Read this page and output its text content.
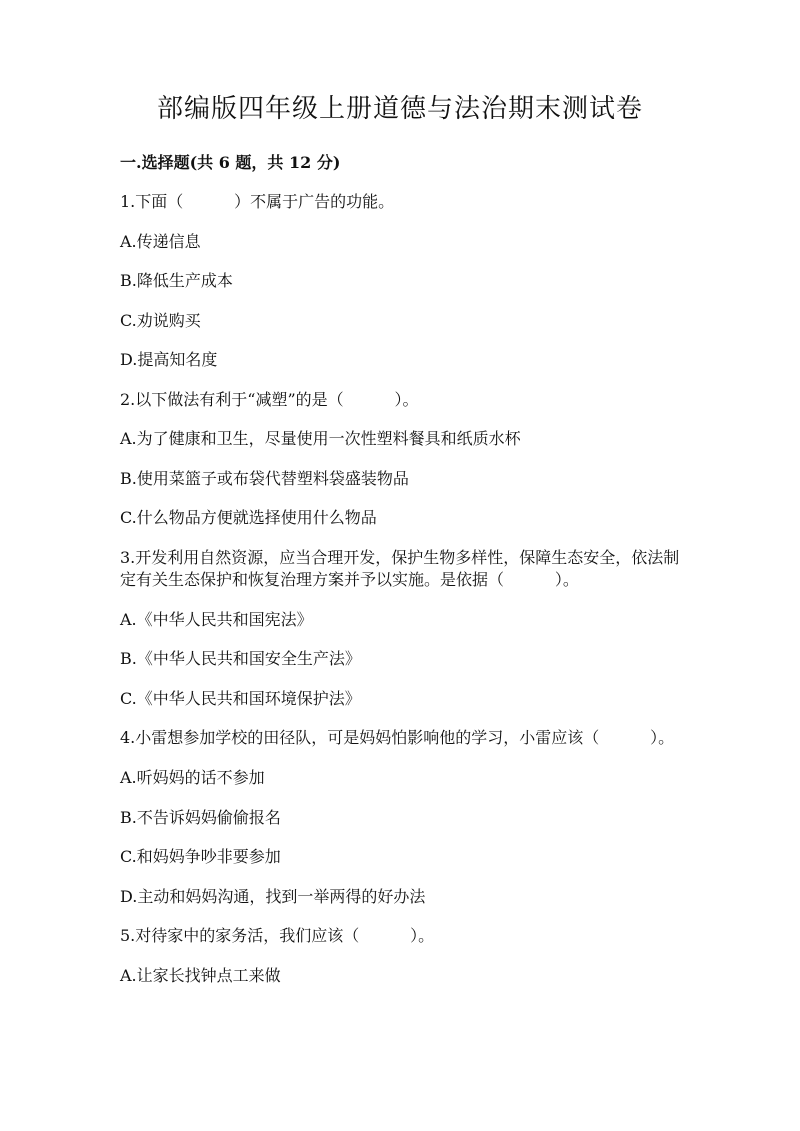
部编版四年级上册道德与法治期末测试卷
一.选择题(共 6 题，共 12 分)
1.下面（          ）不属于广告的功能。
A.传递信息
B.降低生产成本
C.劝说购买
D.提高知名度
2.以下做法有利于“减塑”的是（          ）。
A.为了健康和卫生，尽量使用一次性塑料餐具和纸质水杯
B.使用菜篮子或布袋代替塑料袋盛装物品
C.什么物品方便就选择使用什么物品
3.开发利用自然资源，应当合理开发，保护生物多样性，保障生态安全，依法制定有关生态保护和恢复治理方案并予以实施。是依据（          ）。
A.《中华人民共和国宪法》
B.《中华人民共和国安全生产法》
C.《中华人民共和国环境保护法》
4.小雷想参加学校的田径队，可是妈妈怕影响他的学习，小雷应该（          ）。
A.听妈妈的话不参加
B.不告诉妈妈偷偷报名
C.和妈妈争吵非要参加
D.主动和妈妈沟通，找到一举两得的好办法
5.对待家中的家务活，我们应该（          ）。
A.让家长找钟点工来做
